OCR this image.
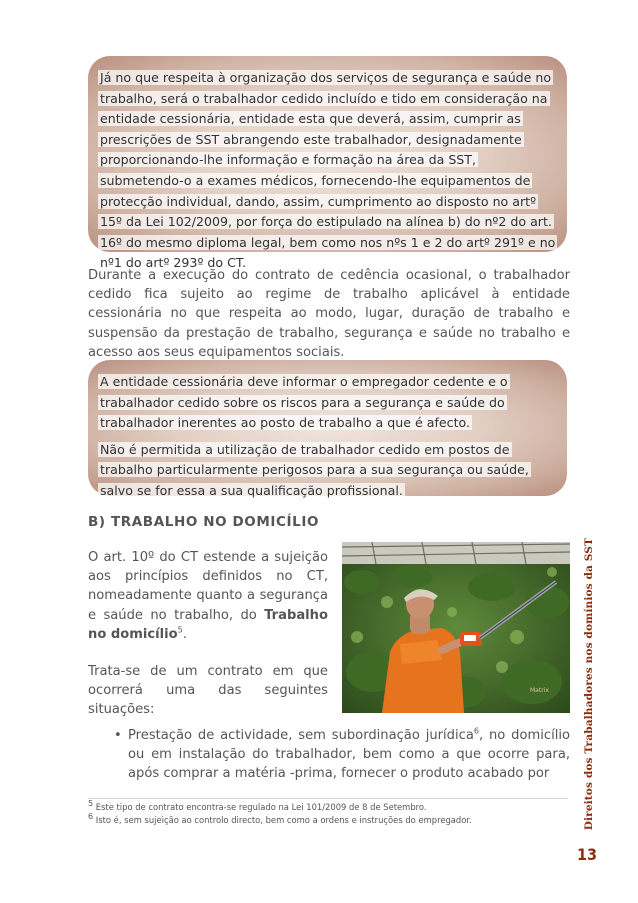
Já no que respeita à organização dos serviços de segurança e saúde no trabalho, será o trabalhador cedido incluído e tido em consideração na entidade cessionária, entidade esta que deverá, assim, cumprir as prescrições de SST abrangendo este trabalhador, designadamente proporcionando-lhe informação e formação na área da SST, submetendo-o a exames médicos, fornecendo-lhe equipamentos de protecção individual, dando, assim, cumprimento ao disposto no artº 15º da Lei 102/2009, por força do estipulado na alínea b) do nº2 do art. 16º do mesmo diploma legal, bem como nos nºs 1 e 2 do artº 291º e no nº1 do artº 293º do CT.

Durante a execução do contrato de cedência ocasional, o trabalhador cedido fica sujeito ao regime de trabalho aplicável à entidade cessionária no que respeita ao modo, lugar, duração de trabalho e suspensão da prestação de trabalho, segurança e saúde no trabalho e acesso aos seus equipamentos sociais.

A entidade cessionária deve informar o empregador cedente e o trabalhador cedido sobre os riscos para a segurança e saúde do trabalhador inerentes ao posto de trabalho a que é afecto.

Não é permitida a utilização de trabalhador cedido em postos de trabalho particularmente perigosos para a sua segurança ou saúde, salvo se for essa a sua qualificação profissional.

B) TRABALHO NO DOMICÍLIO

O art. 10º do CT estende a sujeição aos princípios definidos no CT, nomeadamente quanto a segurança e saúde no trabalho, do Trabalho no domicílio$^5$.

Trata-se de um contrato em que ocorrerá uma das seguintes situações:

Matrix
• Prestação de actividade, sem subordinação jurídica$^6$, no domicílio ou em instalação do trabalhador, bem como a que ocorre para, após comprar a matéria -prima, fornecer o produto acabado por
$^5$ Este tipo de contrato encontra-se regulado na Lei 101/2009 de 8 de Setembro.
$^6$ Isto é, sem sujeição ao controlo directo, bem como a ordens e instruções do empregador.	Direitos dos Trabalhadores nos domínios da SST
13
